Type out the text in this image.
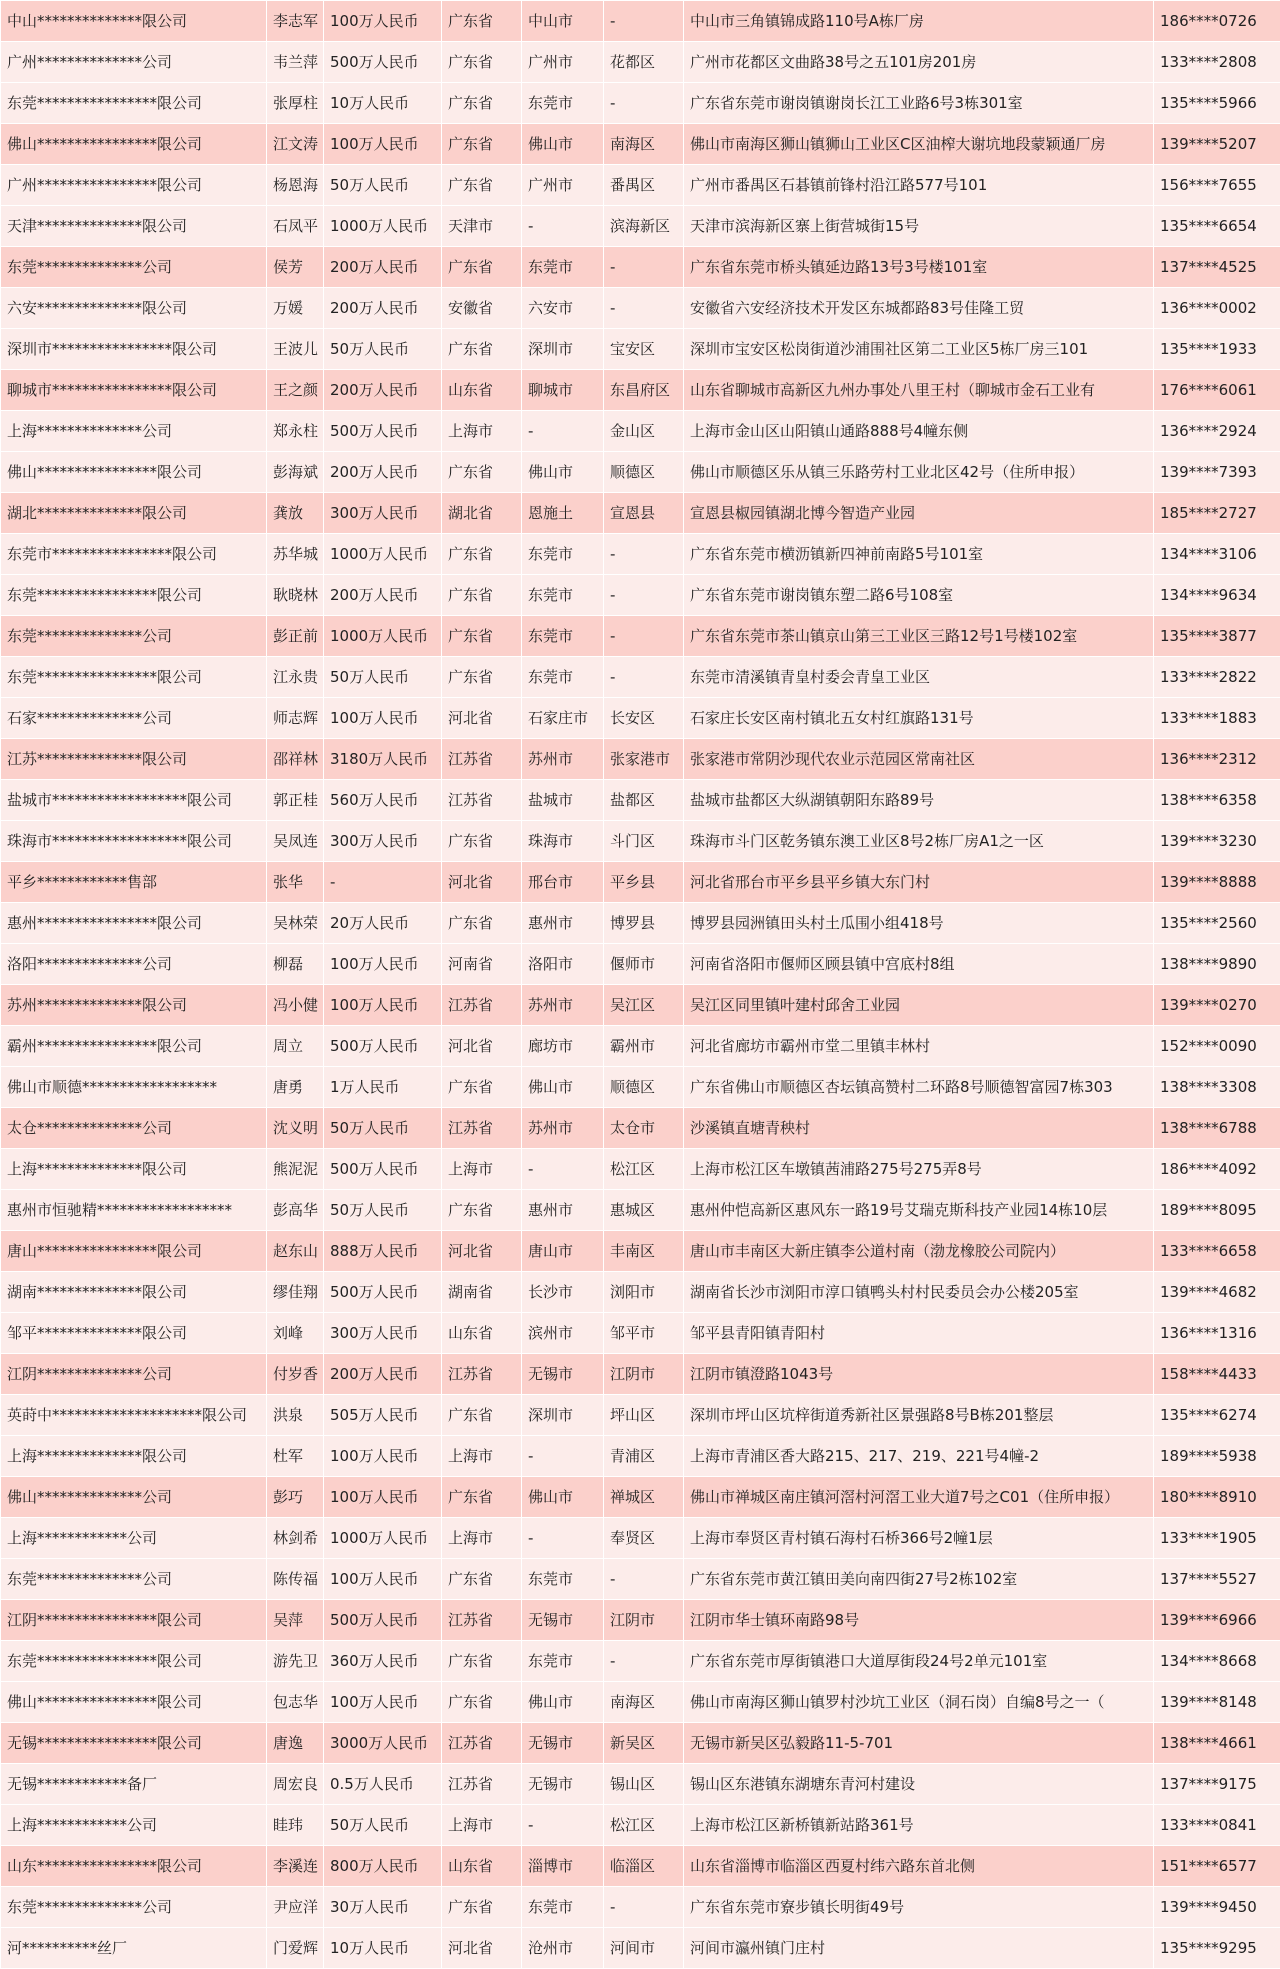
中山**************限公司	李志军	100万人民币	广东省	中山市	-	中山市三角镇锦成路110号A栋厂房	186****0726
广州**************公司	韦兰萍	500万人民币	广东省	广州市	花都区	广州市花都区文曲路38号之五101房201房	133****2808
东莞****************限公司	张厚柱	10万人民币	广东省	东莞市	-	广东省东莞市谢岗镇谢岗长江工业路6号3栋301室	135****5966
佛山****************限公司	江文涛	100万人民币	广东省	佛山市	南海区	佛山市南海区狮山镇狮山工业区C区油榨大谢坑地段蒙颖通厂房	139****5207
广州****************限公司	杨恩海	50万人民币	广东省	广州市	番禺区	广州市番禺区石碁镇前锋村沿江路577号101	156****7655
天津**************限公司	石凤平	1000万人民币	天津市	-	滨海新区	天津市滨海新区寨上街营城街15号	135****6654
东莞**************公司	侯芳	200万人民币	广东省	东莞市	-	广东省东莞市桥头镇延边路13号3号楼101室	137****4525
六安**************限公司	万媛	200万人民币	安徽省	六安市	-	安徽省六安经济技术开发区东城都路83号佳隆工贸	136****0002
深圳市****************限公司	王波儿	50万人民币	广东省	深圳市	宝安区	深圳市宝安区松岗街道沙浦围社区第二工业区5栋厂房三101	135****1933
聊城市****************限公司	王之颜	200万人民币	山东省	聊城市	东昌府区	山东省聊城市高新区九州办事处八里王村（聊城市金石工业有	176****6061
上海**************公司	郑永柱	500万人民币	上海市	-	金山区	上海市金山区山阳镇山通路888号4幢东侧	136****2924
佛山****************限公司	彭海斌	200万人民币	广东省	佛山市	顺德区	佛山市顺德区乐从镇三乐路劳村工业北区42号（住所申报）	139****7393
湖北**************限公司	龚放	300万人民币	湖北省	恩施土	宣恩县	宣恩县椒园镇湖北博今智造产业园	185****2727
东莞市****************限公司	苏华城	1000万人民币	广东省	东莞市	-	广东省东莞市横沥镇新四神前南路5号101室	134****3106
东莞****************限公司	耿晓林	200万人民币	广东省	东莞市	-	广东省东莞市谢岗镇东塑二路6号108室	134****9634
东莞**************公司	彭正前	1000万人民币	广东省	东莞市	-	广东省东莞市茶山镇京山第三工业区三路12号1号楼102室	135****3877
东莞****************限公司	江永贵	50万人民币	广东省	东莞市	-	东莞市清溪镇青皇村委会青皇工业区	133****2822
石家**************公司	师志辉	100万人民币	河北省	石家庄市	长安区	石家庄长安区南村镇北五女村红旗路131号	133****1883
江苏**************限公司	邵祥林	3180万人民币	江苏省	苏州市	张家港市	张家港市常阴沙现代农业示范园区常南社区	136****2312
盐城市******************限公司	郭正桂	560万人民币	江苏省	盐城市	盐都区	盐城市盐都区大纵湖镇朝阳东路89号	138****6358
珠海市******************限公司	吴凤连	300万人民币	广东省	珠海市	斗门区	珠海市斗门区乾务镇东澳工业区8号2栋厂房A1之一区	139****3230
平乡************售部	张华	-	河北省	邢台市	平乡县	河北省邢台市平乡县平乡镇大东门村	139****8888
惠州****************限公司	吴林荣	20万人民币	广东省	惠州市	博罗县	博罗县园洲镇田头村土瓜围小组418号	135****2560
洛阳**************公司	柳磊	100万人民币	河南省	洛阳市	偃师市	河南省洛阳市偃师区顾县镇中宫底村8组	138****9890
苏州**************限公司	冯小健	100万人民币	江苏省	苏州市	吴江区	吴江区同里镇叶建村邱舍工业园	139****0270
霸州****************限公司	周立	500万人民币	河北省	廊坊市	霸州市	河北省廊坊市霸州市堂二里镇丰林村	152****0090
佛山市顺德******************	唐勇	1万人民币	广东省	佛山市	顺德区	广东省佛山市顺德区杏坛镇高赞村二环路8号顺德智富园7栋303	138****3308
太仓**************公司	沈义明	50万人民币	江苏省	苏州市	太仓市	沙溪镇直塘青秧村	138****6788
上海**************限公司	熊泥泥	500万人民币	上海市	-	松江区	上海市松江区车墩镇茜浦路275号275弄8号	186****4092
惠州市恒驰精******************	彭高华	50万人民币	广东省	惠州市	惠城区	惠州仲恺高新区惠风东一路19号艾瑞克斯科技产业园14栋10层	189****8095
唐山****************限公司	赵东山	888万人民币	河北省	唐山市	丰南区	唐山市丰南区大新庄镇李公道村南（渤龙橡胶公司院内）	133****6658
湖南**************限公司	缪佳翔	500万人民币	湖南省	长沙市	浏阳市	湖南省长沙市浏阳市淳口镇鸭头村村民委员会办公楼205室	139****4682
邹平**************限公司	刘峰	300万人民币	山东省	滨州市	邹平市	邹平县青阳镇青阳村	136****1316
江阴**************公司	付岁香	200万人民币	江苏省	无锡市	江阴市	江阴市镇澄路1043号	158****4433
英莳中********************限公司	洪泉	505万人民币	广东省	深圳市	坪山区	深圳市坪山区坑梓街道秀新社区景强路8号B栋201整层	135****6274
上海**************限公司	杜军	100万人民币	上海市	-	青浦区	上海市青浦区香大路215、217、219、221号4幢-2	189****5938
佛山**************公司	彭巧	100万人民币	广东省	佛山市	禅城区	佛山市禅城区南庄镇河滘村河滘工业大道7号之C01（住所申报）	180****8910
上海************公司	林剑希	1000万人民币	上海市	-	奉贤区	上海市奉贤区青村镇石海村石桥366号2幢1层	133****1905
东莞**************公司	陈传福	100万人民币	广东省	东莞市	-	广东省东莞市黄江镇田美向南四街27号2栋102室	137****5527
江阴****************限公司	吴萍	500万人民币	江苏省	无锡市	江阴市	江阴市华士镇环南路98号	139****6966
东莞****************限公司	游先卫	360万人民币	广东省	东莞市	-	广东省东莞市厚街镇港口大道厚街段24号2单元101室	134****8668
佛山****************限公司	包志华	100万人民币	广东省	佛山市	南海区	佛山市南海区狮山镇罗村沙坑工业区（洞石岗）自编8号之一（	139****8148
无锡****************限公司	唐逸	3000万人民币	江苏省	无锡市	新吴区	无锡市新吴区弘毅路11-5-701	138****4661
无锡************备厂	周宏良	0.5万人民币	江苏省	无锡市	锡山区	锡山区东港镇东湖塘东青河村建设	137****9175
上海************公司	眭玮	50万人民币	上海市	-	松江区	上海市松江区新桥镇新站路361号	133****0841
山东****************限公司	李溪连	800万人民币	山东省	淄博市	临淄区	山东省淄博市临淄区西夏村纬六路东首北侧	151****6577
东莞**************公司	尹应洋	30万人民币	广东省	东莞市	-	广东省东莞市寮步镇长明街49号	139****9450
河**********丝厂	门爱辉	10万人民币	河北省	沧州市	河间市	河间市瀛州镇门庄村	135****9295
